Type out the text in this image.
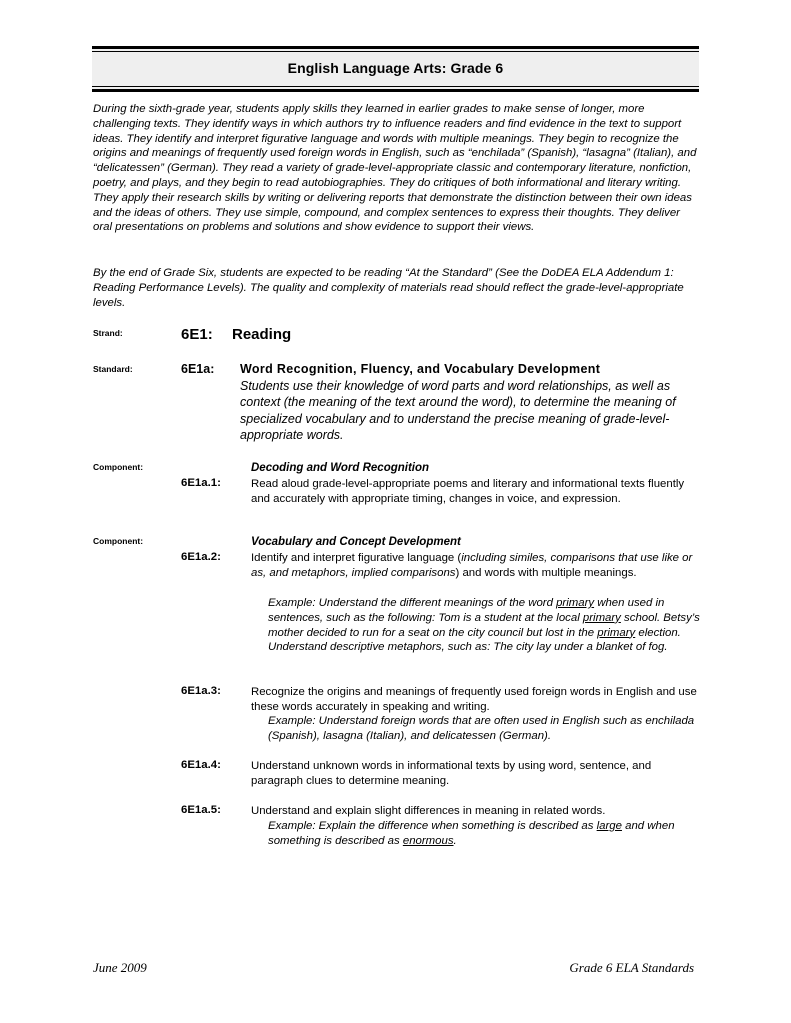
English Language Arts: Grade 6

During the sixth-grade year, students apply skills they learned in earlier grades to make sense of longer, more challenging texts. They identify ways in which authors try to influence readers and find evidence in the text to support ideas. They identify and interpret figurative language and words with multiple meanings. They begin to recognize the origins and meanings of frequently used foreign words in English, such as “enchilada” (Spanish), “lasagna” (Italian), and “delicatessen” (German). They read a variety of grade-level-appropriate classic and contemporary literature, nonfiction, poetry, and plays, and they begin to read autobiographies. They do critiques of both informational and literary writing. They apply their research skills by writing or delivering reports that demonstrate the distinction between their own ideas and the ideas of others. They use simple, compound, and complex sentences to express their thoughts. They deliver oral presentations on problems and solutions and show evidence to support their views.

By the end of Grade Six, students are expected to be reading “At the Standard” (See the DoDEA ELA Addendum 1: Reading Performance Levels). The quality and complexity of materials read should reflect the grade-level-appropriate levels.

Strand:	6E1: Reading
Standard:	6E1a: Word Recognition, Fluency, and Vocabulary Development

Students use their knowledge of word parts and word relationships, as well as context (the meaning of the text around the word), to determine the meaning of specialized vocabulary and to understand the precise meaning of grade-level-appropriate words.

Component:	Decoding and Word Recognition
6E1a.1:	Read aloud grade-level-appropriate poems and literary and informational texts fluently and accurately with appropriate timing, changes in voice, and expression.

Component:	Vocabulary and Concept Development
6E1a.2:	Identify and interpret figurative language (including similes, comparisons that use like or as, and metaphors, implied comparisons) and words with multiple meanings.

Example: Understand the different meanings of the word primary when used in sentences, such as the following: Tom is a student at the local primary school. Betsy’s mother decided to run for a seat on the city council but lost in the primary election. Understand descriptive metaphors, such as: The city lay under a blanket of fog.

6E1a.3:	Recognize the origins and meanings of frequently used foreign words in English and use these words accurately in speaking and writing.

Example: Understand foreign words that are often used in English such as enchilada (Spanish), lasagna (Italian), and delicatessen (German).

6E1a.4:	Understand unknown words in informational texts by using word, sentence, and paragraph clues to determine meaning.

6E1a.5:	Understand and explain slight differences in meaning in related words.

Example: Explain the difference when something is described as large and when something is described as enormous.

June 2009	Grade 6 ELA Standards
